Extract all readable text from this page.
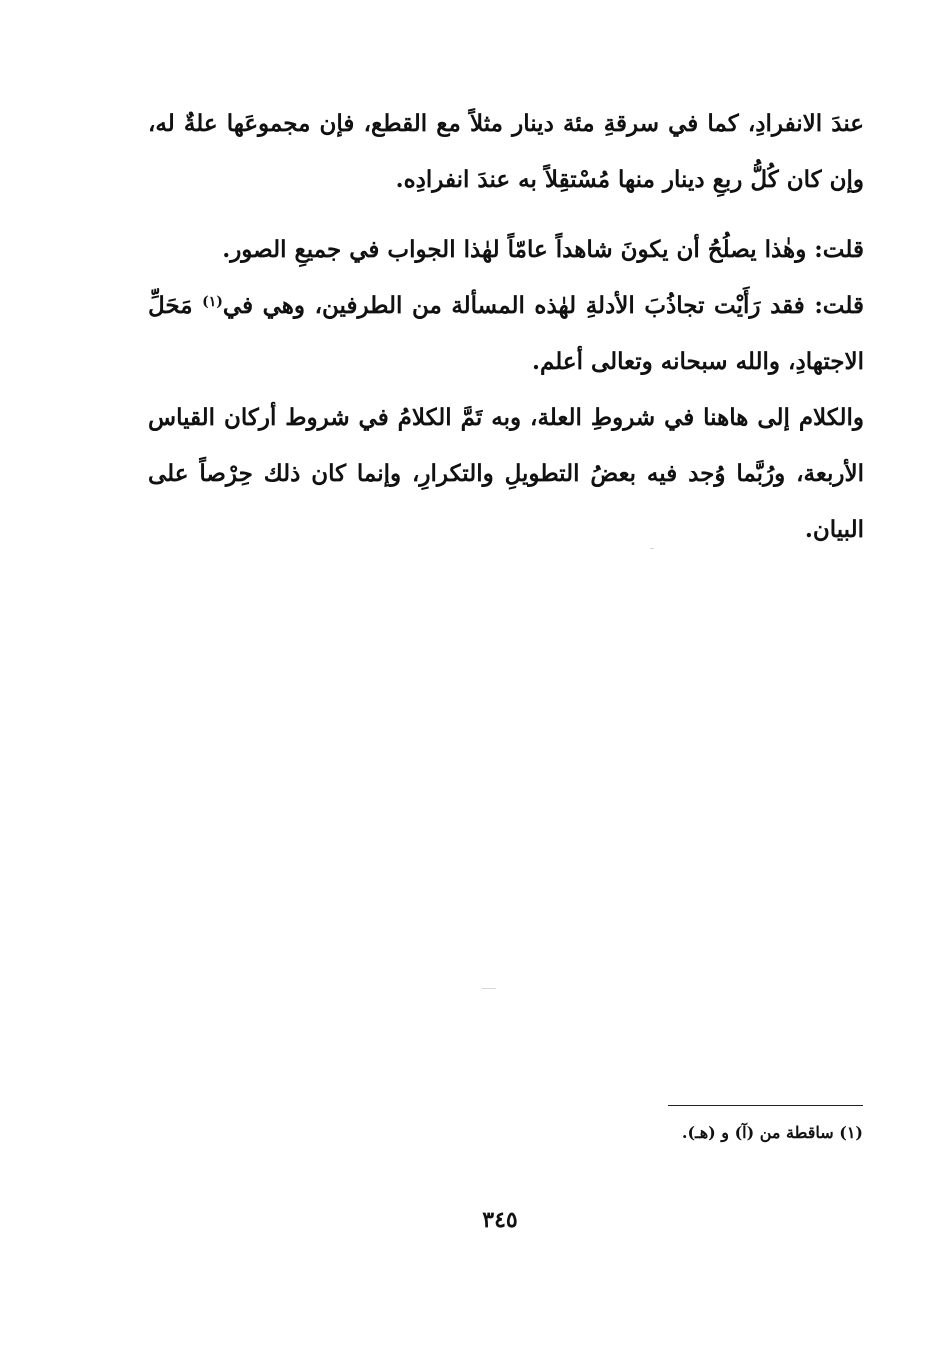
عندَ الانفرادِ، كما في سرقةِ مئة دينار مثلاً مع القطع، فإن مجموعَها علةٌ له، وإن كان كُلُّ ربعِ دينار منها مُسْتقِلاً به عندَ انفرادِه.

قلت: وهٰذا يصلُحُ أن يكونَ شاهداً عامّاً لهٰذا الجواب في جميعِ الصور.

قلت: فقد رَأَيْت تجاذُبَ الأدلةِ لهٰذه المسألة من الطرفين، وهي في$^{(١)}$ مَحَلِّ الاجتهادِ، والله سبحانه وتعالى أعلم.

والكلام إلى هاهنا في شروطِ العلة، وبه تَمَّ الكلامُ في شروط أركان القياس الأربعة، ورُبَّما وُجد فيه بعضُ التطويلِ والتكرارِ، وإنما كان ذلك حِرْصاً على البيان.

(١) ساقطة من (آ) و (هـ).
٣٤٥
